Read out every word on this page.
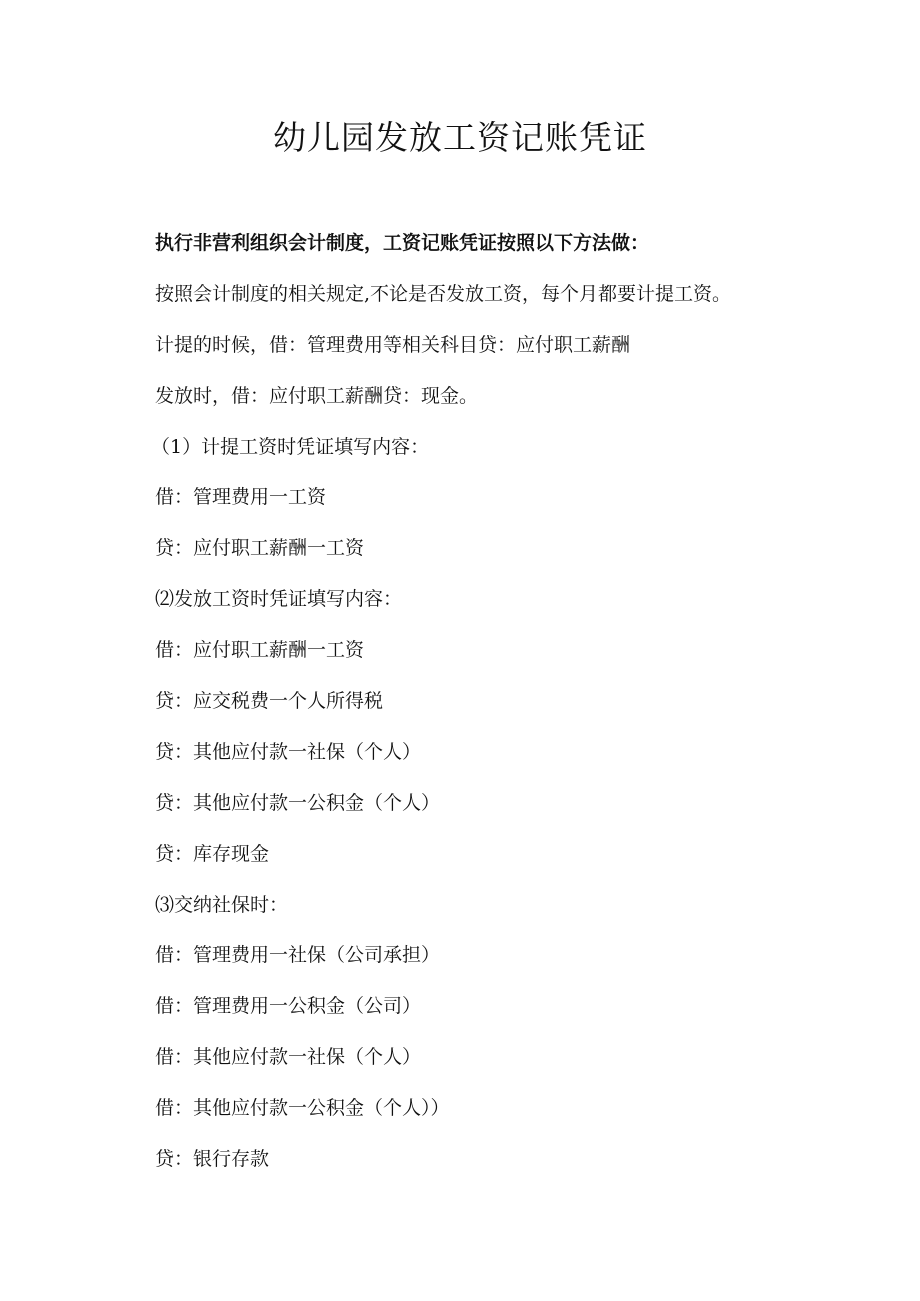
幼儿园发放工资记账凭证
执行非营利组织会计制度，工资记账凭证按照以下方法做：
按照会计制度的相关规定,不论是否发放工资，每个月都要计提工资。
计提的时候，借：管理费用等相关科目贷：应付职工薪酬
发放时，借：应付职工薪酬贷：现金。
（1）计提工资时凭证填写内容：
借：管理费用一工资
贷：应付职工薪酬一工资
⑵发放工资时凭证填写内容：
借：应付职工薪酬一工资
贷：应交税费一个人所得税
贷：其他应付款一社保（个人）
贷：其他应付款一公积金（个人）
贷：库存现金
⑶交纳社保时：
借：管理费用一社保（公司承担）
借：管理费用一公积金（公司）
借：其他应付款一社保（个人）
借：其他应付款一公积金（个人））
贷：银行存款
